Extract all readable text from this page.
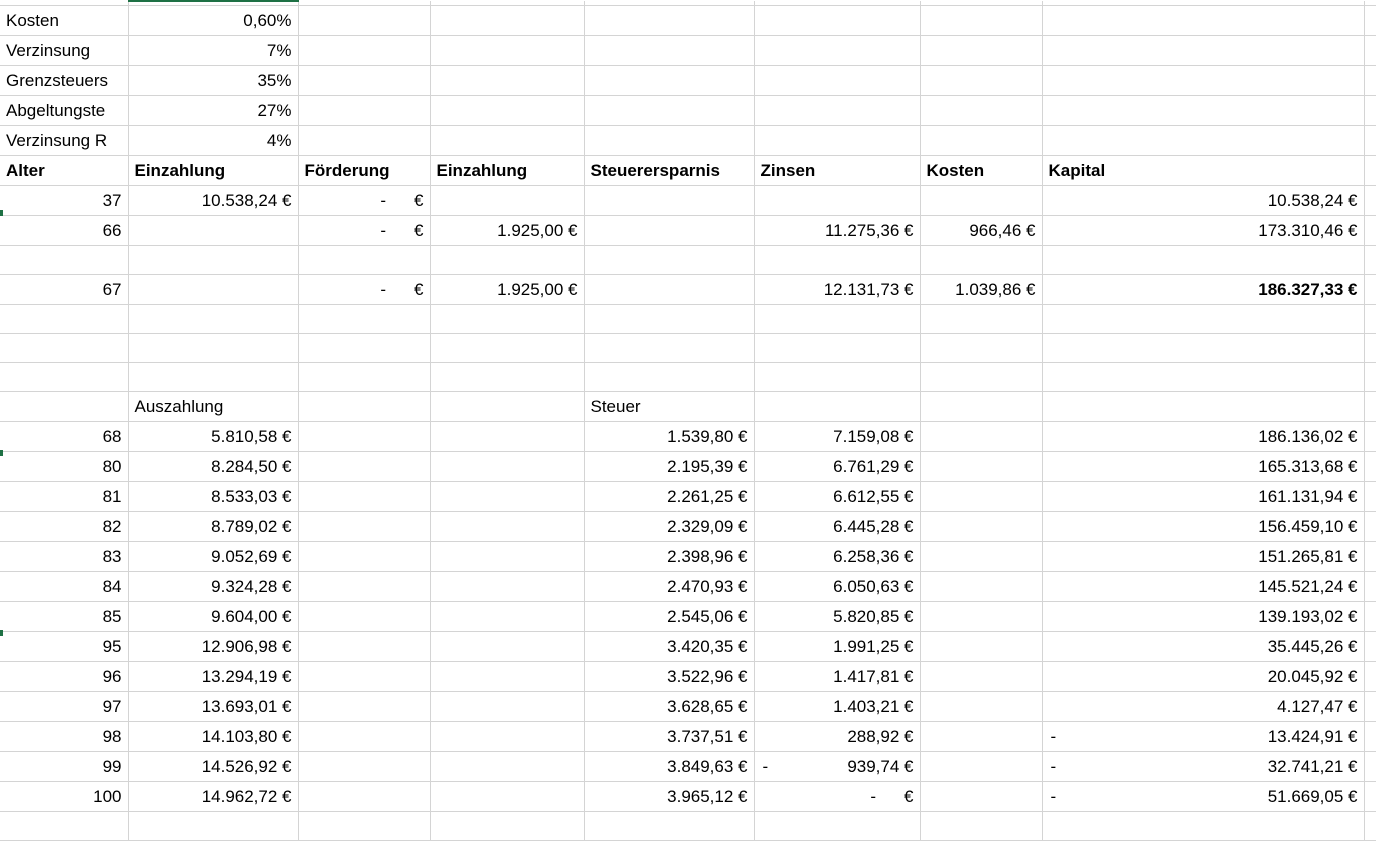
Kosten	0,60%							
Verzinsung	7%							
Grenzsteuers	35%							
Abgeltungste	27%							
Verzinsung R	4%							
Alter	Einzahlung	Förderung	Einzahlung	Steuerersparnis	Zinsen	Kosten	Kapital	
37	10.538,24 €	- €					10.538,24 €	
66		- €	1.925,00 €		11.275,36 €	966,46 €	173.310,46 €	

67		- €	1.925,00 €		12.131,73 €	1.039,86 €	186.327,33 €	

	Auszahlung			Steuer				
68	5.810,58 €			1.539,80 €	7.159,08 €		186.136,02 €	

80	8.284,50 €			2.195,39 €	6.761,29 €		165.313,68 €	

81	8.533,03 €			2.261,25 €	6.612,55 €		161.131,94 €	

82	8.789,02 €			2.329,09 €	6.445,28 €		156.459,10 €	

83	9.052,69 €			2.398,96 €	6.258,36 €		151.265,81 €	

84	9.324,28 €			2.470,93 €	6.050,63 €		145.521,24 €	

85	9.604,00 €			2.545,06 €	5.820,85 €		139.193,02 €	

95	12.906,98 €			3.420,35 €	1.991,25 €		35.445,26 €	

96	13.294,19 €			3.522,96 €	1.417,81 €		20.045,92 €	

97	13.693,01 €			3.628,65 €	1.403,21 €		4.127,47 €	

98	14.103,80 €			3.737,51 €	288,92 €		- 13.424,91 €	

99	14.526,92 €			3.849,63 €	- 939,74 €		- 32.741,21 €	

100	14.962,72 €			3.965,12 €	- €		- 51.669,05 €	
